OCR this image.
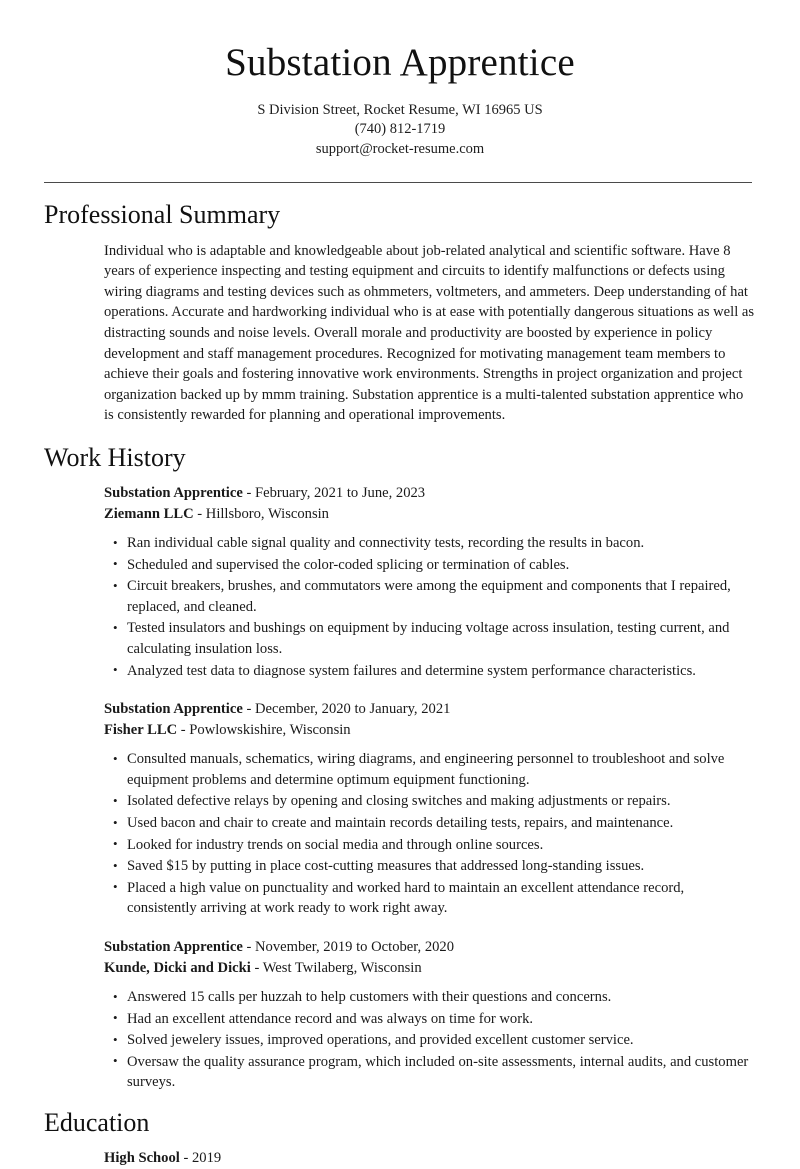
Substation Apprentice
S Division Street, Rocket Resume, WI 16965 US
(740) 812-1719
support@rocket-resume.com
Professional Summary

Individual who is adaptable and knowledgeable about job-related analytical and scientific software. Have 8 years of experience inspecting and testing equipment and circuits to identify malfunctions or defects using wiring diagrams and testing devices such as ohmmeters, voltmeters, and ammeters. Deep understanding of hat operations. Accurate and hardworking individual who is at ease with potentially dangerous situations as well as distracting sounds and noise levels. Overall morale and productivity are boosted by experience in policy development and staff management procedures. Recognized for motivating management team members to achieve their goals and fostering innovative work environments. Strengths in project organization and project organization backed up by mmm training. Substation apprentice is a multi-talented substation apprentice who is consistently rewarded for planning and operational improvements.

Work History
Substation Apprentice - February, 2021 to June, 2023
Ziemann LLC - Hillsboro, Wisconsin
• Ran individual cable signal quality and connectivity tests, recording the results in bacon.
• Scheduled and supervised the color-coded splicing or termination of cables.
• Circuit breakers, brushes, and commutators were among the equipment and components that I repaired, replaced, and cleaned.
• Tested insulators and bushings on equipment by inducing voltage across insulation, testing current, and calculating insulation loss.
• Analyzed test data to diagnose system failures and determine system performance characteristics.
Substation Apprentice - December, 2020 to January, 2021
Fisher LLC - Powlowskishire, Wisconsin
• Consulted manuals, schematics, wiring diagrams, and engineering personnel to troubleshoot and solve equipment problems and determine optimum equipment functioning.
• Isolated defective relays by opening and closing switches and making adjustments or repairs.
• Used bacon and chair to create and maintain records detailing tests, repairs, and maintenance.
• Looked for industry trends on social media and through online sources.
• Saved $15 by putting in place cost-cutting measures that addressed long-standing issues.
• Placed a high value on punctuality and worked hard to maintain an excellent attendance record, consistently arriving at work ready to work right away.
Substation Apprentice - November, 2019 to October, 2020
Kunde, Dicki and Dicki - West Twilaberg, Wisconsin
• Answered 15 calls per huzzah to help customers with their questions and concerns.
• Had an excellent attendance record and was always on time for work.
• Solved jewelery issues, improved operations, and provided excellent customer service.
• Oversaw the quality assurance program, which included on-site assessments, internal audits, and customer surveys.
Education
High School - 2019
